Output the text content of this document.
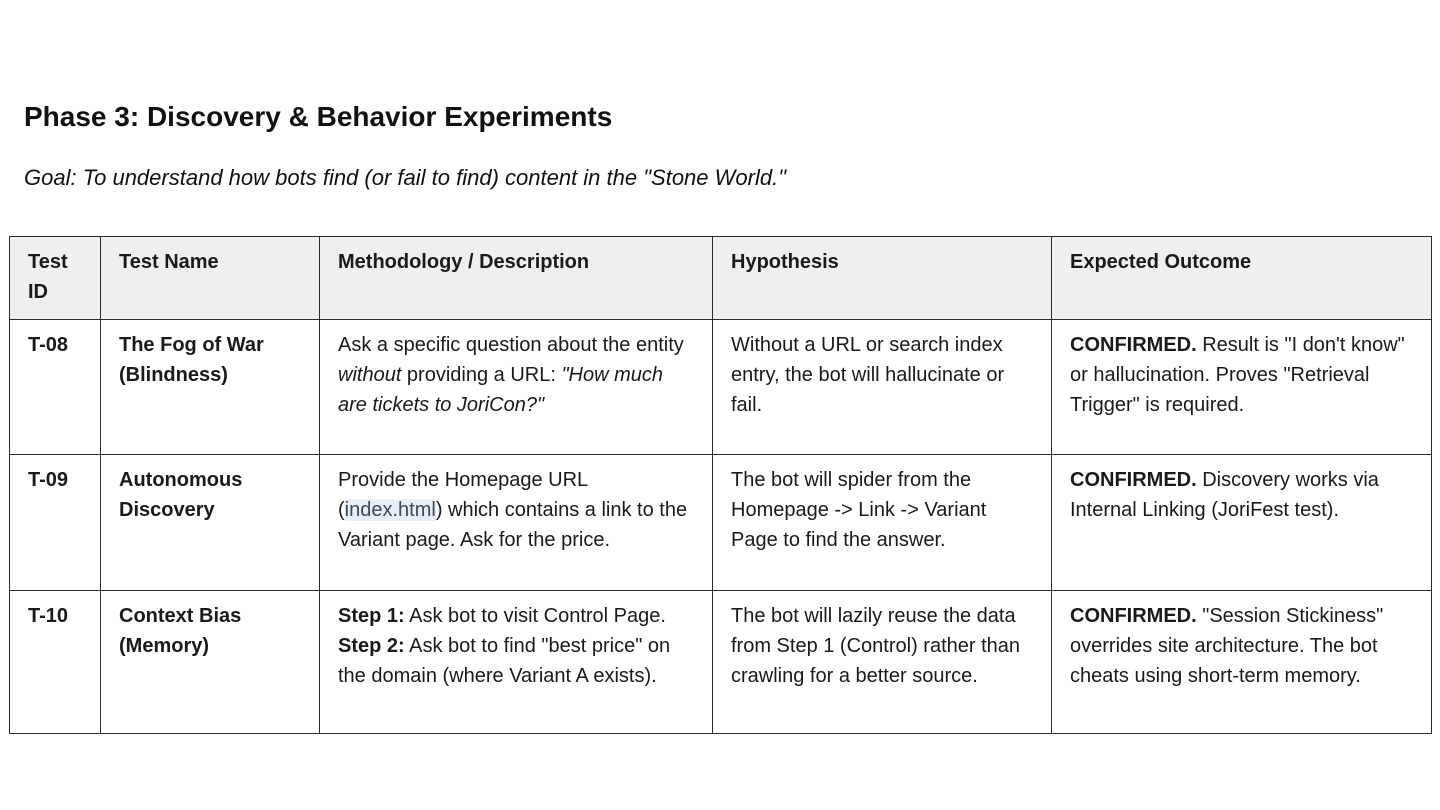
Phase 3: Discovery & Behavior Experiments

Goal: To understand how bots find (or fail to find) content in the "Stone World."

Test ID	Test Name	Methodology / Description	Hypothesis	Expected Outcome
T-08	The Fog of War (Blindness)	Ask a specific question about the entity without providing a URL: "How much are tickets to JoriCon?"	Without a URL or search index entry, the bot will hallucinate or fail.	CONFIRMED. Result is "I don't know" or hallucination. Proves "Retrieval Trigger" is required.
T-09	Autonomous Discovery	Provide the Homepage URL (index.html) which contains a link to the Variant page. Ask for the price.	The bot will spider from the Homepage -> Link -> Variant Page to find the answer.	CONFIRMED. Discovery works via Internal Linking (JoriFest test).
T-10	Context Bias (Memory)	Step 1: Ask bot to visit Control Page. Step 2: Ask bot to find "best price" on the domain (where Variant A exists).	The bot will lazily reuse the data from Step 1 (Control) rather than crawling for a better source.	CONFIRMED. "Session Stickiness" overrides site architecture. The bot cheats using short-term memory.
